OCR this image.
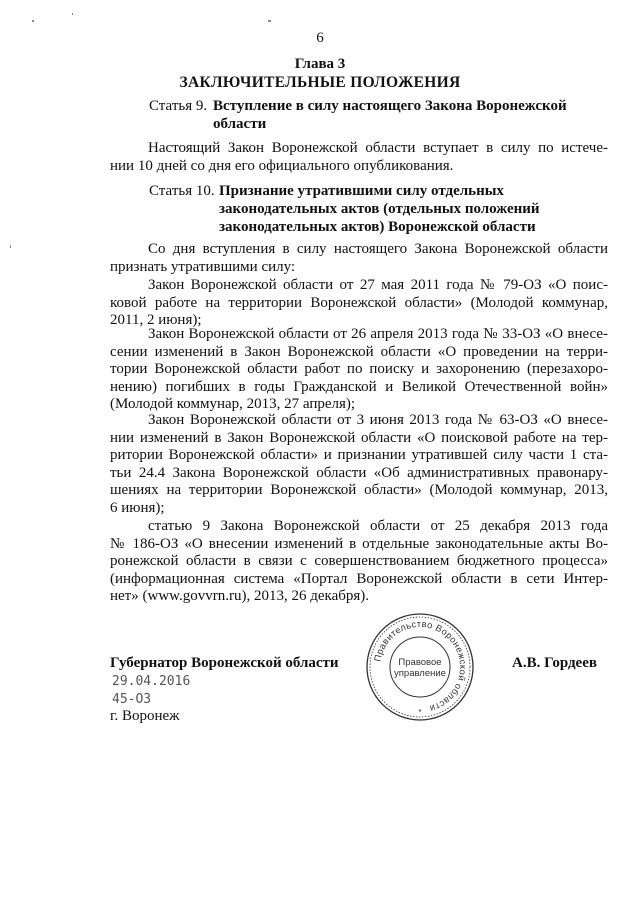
6
Глава 3
ЗАКЛЮЧИТЕЛЬНЫЕ ПОЛОЖЕНИЯ
Статья 9. Вступление в силу настоящего Закона Воронежской
области
Настоящий Закон Воронежской области вступает в силу по истече-
нии 10 дней со дня его официального опубликования.
Статья 10. Признание утратившими силу отдельных
законодательных актов (отдельных положений
законодательных актов) Воронежской области
Со дня вступления в силу настоящего Закона Воронежской области
признать утратившими силу:
Закон Воронежской области от 27 мая 2011 года № 79-ОЗ «О поис-
ковой работе на территории Воронежской области» (Молодой коммунар,
2011, 2 июня);
Закон Воронежской области от 26 апреля 2013 года № 33-ОЗ «О внесе-
сении изменений в Закон Воронежской области «О проведении на терри-
тории Воронежской области работ по поиску и захоронению (перезахоро-
нению) погибших в годы Гражданской и Великой Отечественной войн»
(Молодой коммунар, 2013, 27 апреля);
Закон Воронежской области от 3 июня 2013 года № 63-ОЗ «О внесе-
нии изменений в Закон Воронежской области «О поисковой работе на тер-
ритории Воронежской области» и признании утратившей силу части 1 ста-
тьи 24.4 Закона Воронежской области «Об административных правонару-
шениях на территории Воронежской области» (Молодой коммунар, 2013,
6 июня);
статью 9 Закона Воронежской области от 25 декабря 2013 года
№ 186-ОЗ «О внесении изменений в отдельные законодательные акты Во-
ронежской области в связи с совершенствованием бюджетного процесса»
(информационная система «Портал Воронежской области в сети Интер-
нет» (www.govvrn.ru), 2013, 26 декабря).
Губернатор Воронежской области	А.В. Гордеев
29.04.2016
45-ОЗ
г. Воронеж
Правительство Воронежской области
Правовое
управление
*
